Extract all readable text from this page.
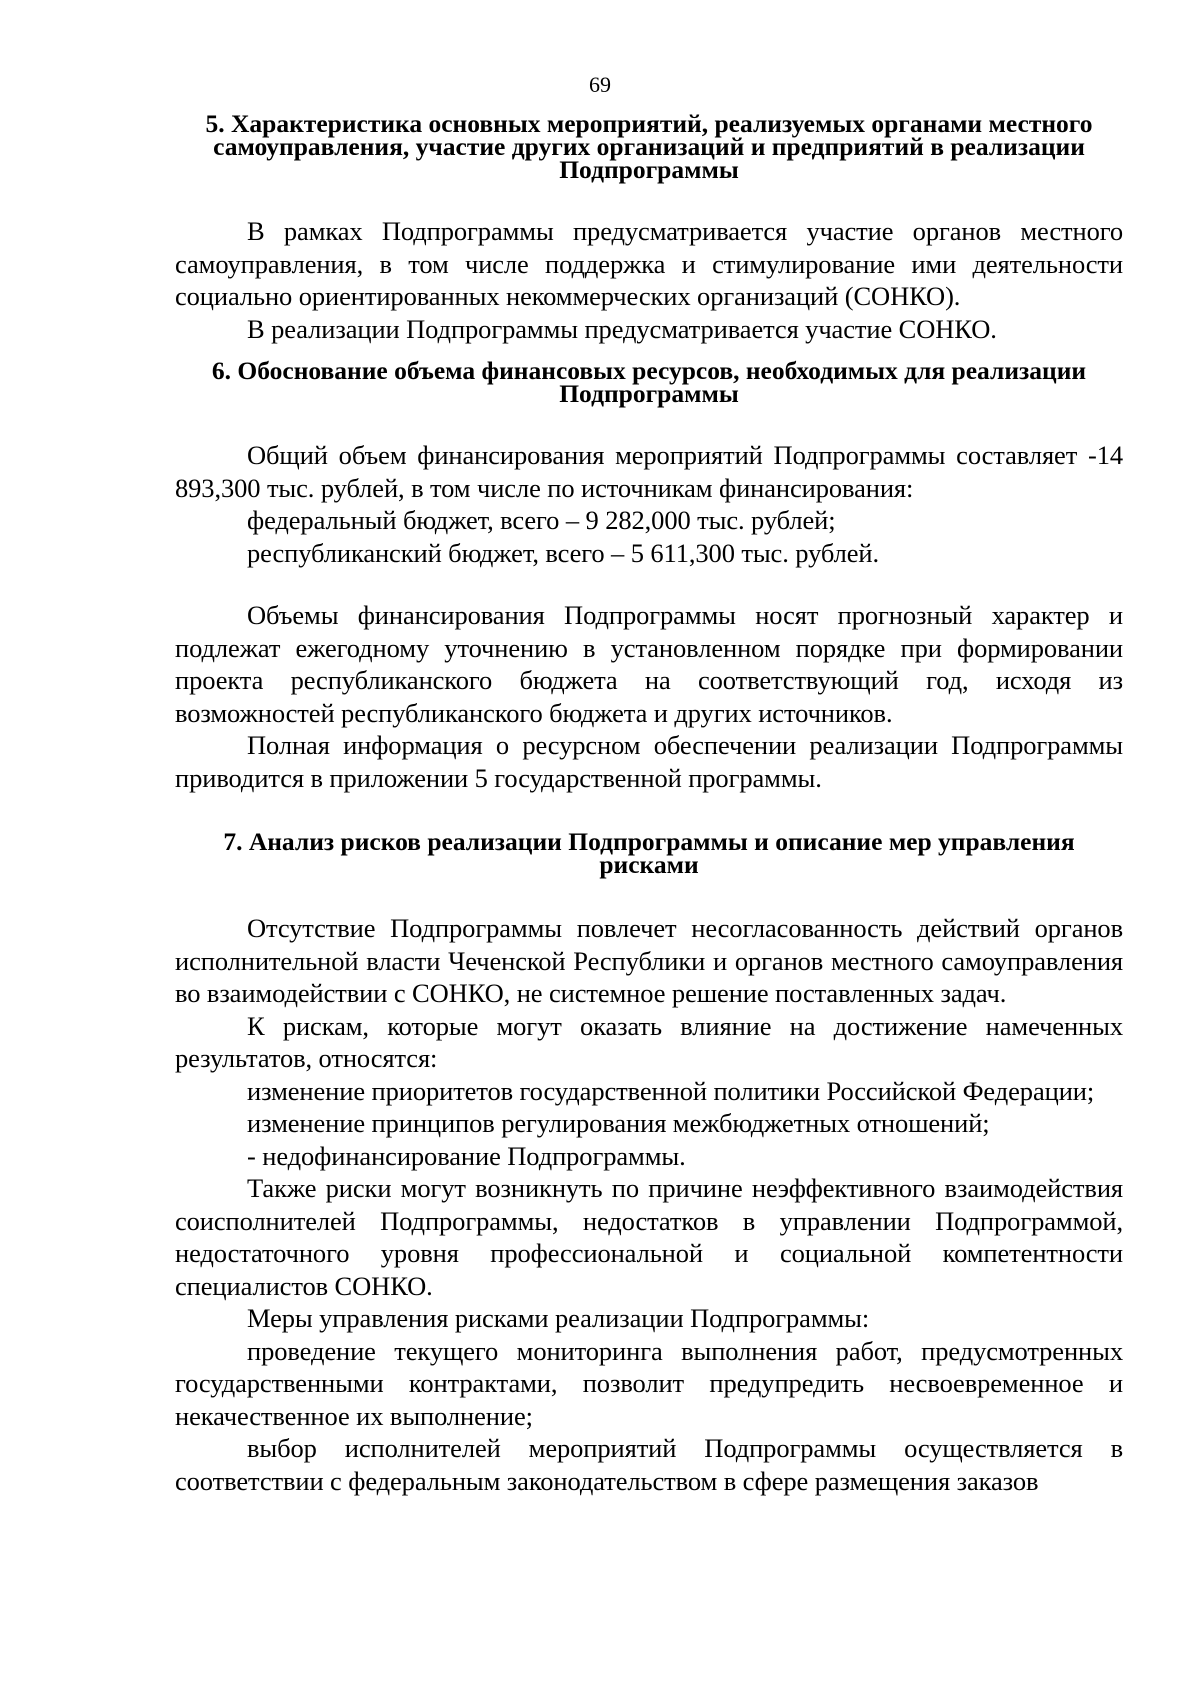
69
5. Характеристика основных мероприятий, реализуемых органами местного самоуправления, участие других организаций и предприятий в реализации Подпрограммы

В рамках Подпрограммы предусматривается участие органов местного самоуправления, в том числе поддержка и стимулирование ими деятельности социально ориентированных некоммерческих организаций (СОНКО).

В реализации Подпрограммы предусматривается участие СОНКО.

6. Обоснование объема финансовых ресурсов, необходимых для реализации Подпрограммы

Общий объем финансирования мероприятий Подпрограммы составляет -14 893,300 тыс. рублей, в том числе по источникам финансирования:

федеральный бюджет, всего – 9 282,000 тыс. рублей;

республиканский бюджет, всего – 5 611,300 тыс. рублей.

Объемы финансирования Подпрограммы носят прогнозный характер и подлежат ежегодному уточнению в установленном порядке при формировании проекта республиканского бюджета на соответствующий год, исходя из возможностей республиканского бюджета и других источников.

Полная информация о ресурсном обеспечении реализации Подпрограммы приводится в приложении 5 государственной программы.

7. Анализ рисков реализации Подпрограммы и описание мер управления рисками

Отсутствие Подпрограммы повлечет несогласованность действий органов исполнительной власти Чеченской Республики и органов местного самоуправления во взаимодействии с СОНКО, не системное решение поставленных задач.

К рискам, которые могут оказать влияние на достижение намеченных результатов, относятся:

изменение приоритетов государственной политики Российской Федерации;

изменение принципов регулирования межбюджетных отношений;

- недофинансирование Подпрограммы.

Также риски могут возникнуть по причине неэффективного взаимодействия соисполнителей Подпрограммы, недостатков в управлении Подпрограммой, недостаточного уровня профессиональной и социальной компетентности специалистов СОНКО.

Меры управления рисками реализации Подпрограммы:

проведение текущего мониторинга выполнения работ, предусмотренных государственными контрактами, позволит предупредить несвоевременное и некачественное их выполнение;

выбор исполнителей мероприятий Подпрограммы осуществляется в соответствии с федеральным законодательством в сфере размещения заказов
